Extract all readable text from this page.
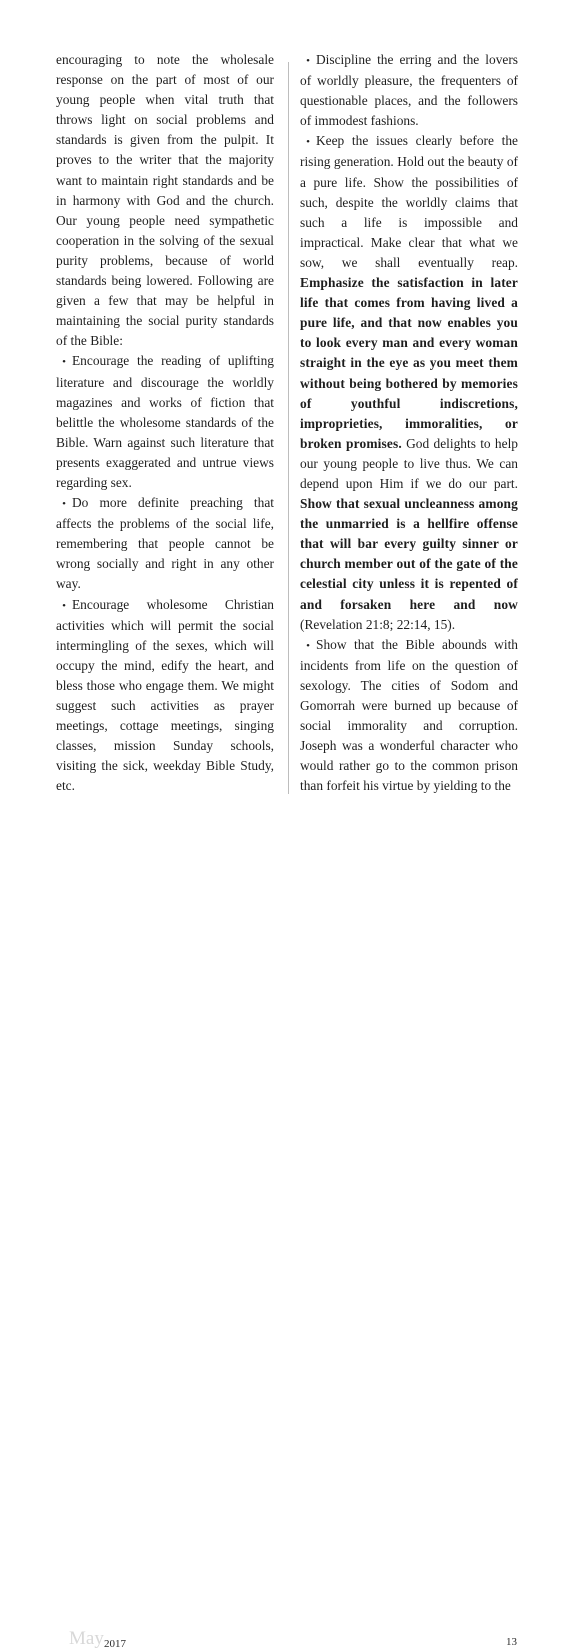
encouraging to note the wholesale response on the part of most of our young people when vital truth that throws light on social problems and standards is given from the pulpit. It proves to the writer that the majority want to maintain right standards and be in harmony with God and the church. Our young people need sympathetic cooperation in the solving of the sexual purity problems, because of world standards being lowered. Following are given a few that may be helpful in maintaining the social purity standards of the Bible:

• Encourage the reading of uplifting literature and discourage the worldly magazines and works of fiction that belittle the wholesome standards of the Bible. Warn against such literature that presents exaggerated and untrue views regarding sex.

• Do more definite preaching that affects the problems of the social life, remembering that people cannot be wrong socially and right in any other way.

• Encourage wholesome Christian activities which will permit the social intermingling of the sexes, which will occupy the mind, edify the heart, and bless those who engage them. We might suggest such activities as prayer meetings, cottage meetings, singing classes, mission Sunday schools, visiting the sick, weekday Bible Study, etc.

• Discipline the erring and the lovers of worldly pleasure, the frequenters of questionable places, and the followers of immodest fashions.

• Keep the issues clearly before the rising generation. Hold out the beauty of a pure life. Show the possibilities of such, despite the worldly claims that such a life is impossible and impractical. Make clear that what we sow, we shall eventually reap. Emphasize the satisfaction in later life that comes from having lived a pure life, and that now enables you to look every man and every woman straight in the eye as you meet them without being bothered by memories of youthful indiscretions, improprieties, immoralities, or broken promises. God delights to help our young people to live thus. We can depend upon Him if we do our part. Show that sexual uncleanness among the unmarried is a hellfire offense that will bar every guilty sinner or church member out of the gate of the celestial city unless it is repented of and forsaken here and now (Revelation 21:8; 22:14, 15).

• Show that the Bible abounds with incidents from life on the question of sexology. The cities of Sodom and Gomorrah were burned up because of social immorality and corruption. Joseph was a wonderful character who would rather go to the common prison than forfeit his virtue by yielding to the

May 2017	13
